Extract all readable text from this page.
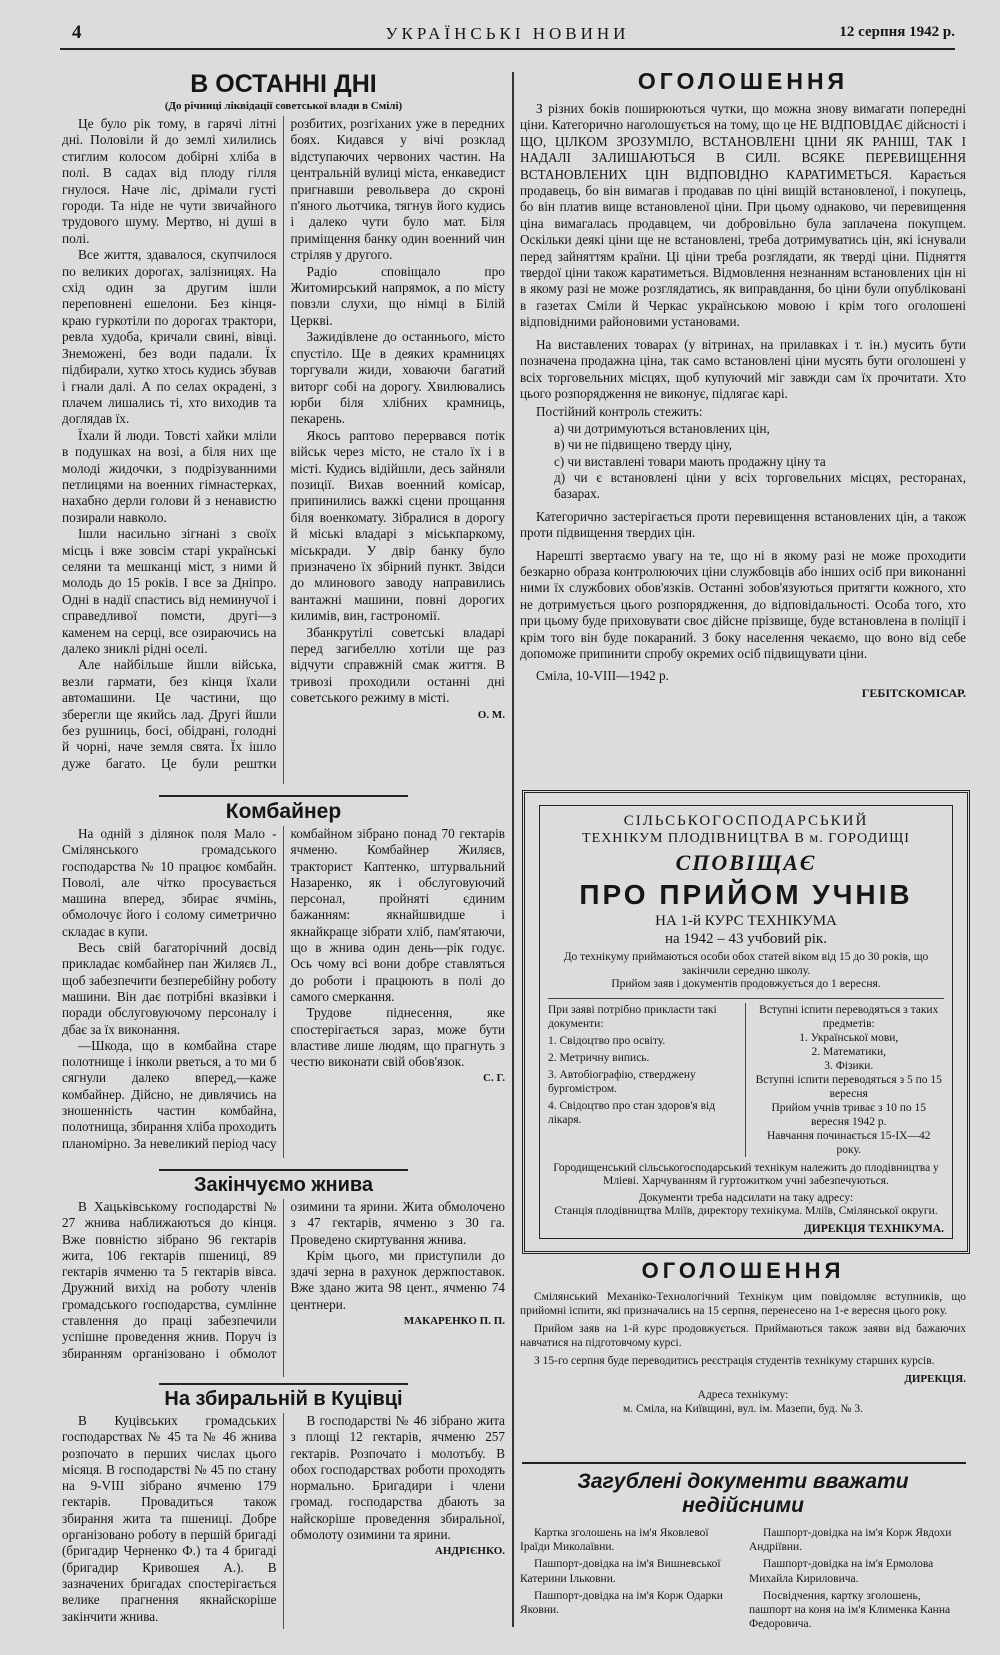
4	УКРАЇНСЬКІ НОВИНИ	12 серпня 1942 р.
В ОСТАННІ ДНІ
(До річниці ліквідації советської влади в Смілі)

Це було рік тому, в гарячі літні дні. Половіли й до землі хилились стиглим колосом добірні хліба в полі. В садах від плоду гілля гнулося. Наче ліс, дрімали густі городи. Та ніде не чути звичайного трудового шуму. Мертво, ні душі в полі.

Все життя, здавалося, скупчилося по великих дорогах, залізницях. На схід один за другим ішли переповнені ешелони. Без кінця-краю гуркотіли по дорогах трактори, ревла худоба, кричали свині, вівці. Знеможені, без води падали. Їх підбирали, хутко хтось кудись збував і гнали далі. А по селах окрадені, з плачем лишались ті, хто виходив та доглядав їх.

Їхали й люди. Товсті хайки мліли в подушках на возі, а біля них ще молоді жидочки, з подрізуванними петлицями на военних гімнастерках, нахабно дерли голови й з ненавистю позирали навколо.

Ішли насильно зігнані з своїх місць і вже зовсім старі українські селяни та мешканці міст, з ними й молодь до 15 років. І все за Дніпро. Одні в надії спастись від неминучої і справедливої помсти, другі—з каменем на серці, все озираючись на далеко зниклі рідні оселі.

Але найбільше йшли військa, везли гармати, без кінця їхали автомашини. Це частини, що зберегли ще якийсь лад. Другі йшли без рушниць, босі, обідрані, голодні й чорні, наче земля свята. Їх ішло дуже багато. Це були рештки розбитих, розгіханих уже в передних боях. Кидався у вічі розклад відступаючих червоних частин. На центральній вулиці міста, енкаведист пригнавши револьвера до скроні п'яного льотчика, тягнув його кудись і далеко чути було мат. Біля приміщення банку один военний чин стріляв у другого.

Радіо сповіщало про Житомирський напрямок, а по місту повзли слухи, що німці в Білій Церкві.

Зажидівлене до останнього, місто спустіло. Ще в деяких крамницях торгували жиди, ховаючи багатий виторг собі на дорогу. Хвилювались юрби біля хлібних крамниць, пекарень.

Якось раптово перервався потік військ через місто, не стало їх і в місті. Кудись відійшли, десь зайняли позиції. Вихав военний комісар, припинились важкі сцени прощання біля военкомату. Зібралися в дорогу й міські владарі з міськпаркому, міськради. У двір банку було призначено їх збірний пункт. Звідси до млинового заводу направились вантажні машини, повні дорогих килимів, вин, гастрономії.

Збанкрутілі советські владарі перед загибеллю хотіли ще раз відчути справжній смак життя. В тривозі проходили останні дні советського режиму в місті.

О. М.
Комбайнер

На одній з ділянок поля Мало - Смілянського громадського господарства № 10 працює комбайн. Поволі, але чітко просувається машина вперед, збирає ячмінь, обмолочує його і солому симетрично складає в купи.

Весь свій багаторічний досвід прикладає комбайнер пан Жиляєв Л., щоб забезпечити безперебійну роботу машини. Він дає потрібні вказівки і поради обслуговуючому персоналу і дбає за їх виконання.

—Шкода, що в комбайна старе полотнище і інколи рветься, а то ми б сягнули далеко вперед,—каже комбайнер. Дійсно, не дивлячись на зношенність частин комбайна, полотнища, збирання хліба проходить планомірно. За невеликий період часу комбайном зібрано понад 70 гектарів ячменю. Комбайнер Жиляєв, тракторист Каптенко, штурвальний Назаренко, як і обслуговуючий персонал, пройняті єдиним бажанням: якнайшвидше і якнайкраще зібрати хліб, пам'ятаючи, що в жнива один день—рік годує. Ось чому всі вони добре ставляться до роботи і працюють в полі до самого смеркання.

Трудове піднесення, яке спостерігається зараз, може бути властиве лише людям, що прагнуть з честю виконати свій обов'язок.

С. Г.
Закінчуємо жнива

В Хацьківському господарстві № 27 жнива наближаються до кінця. Вже повністю зібрано 96 гектарів жита, 106 гектарів пшениці, 89 гектарів ячменю та 5 гектарів вівса. Дружний вихід на роботу членів громадського господарства, сумлінне ставлення до праці забезпечили успішне проведення жнив. Поруч із збиранням організовано і обмолот озимини та ярини. Жита обмолочено з 47 гектарів, ячменю з 30 га. Проведено скиртування жнива.

Крім цього, ми приступили до здачі зерна в рахунок держпоставок. Вже здано жита 98 цент., ячменю 74 центнери.

МАКАРЕНКО П. П.
На збиральній в Куцівці

В Куцівських громадських господарствах № 45 та № 46 жнива розпочато в перших числах цього місяця. В господарстві № 45 по стану на 9-VIII зібрано ячменю 179 гектарів. Провадиться також збирання жита та пшениці. Добре організовано роботу в першій бригаді (бригадир Черненко Ф.) та 4 бригаді (бригадир Кривошея А.). В зазначених бригадах спостерігається велике прагнення якнайскоріше закінчити жнива.

В господарстві № 46 зібрано жита з площі 12 гектарів, ячменю 257 гектарів. Розпочато і молотьбу. В обох господарствах роботи проходять нормально. Бригадири і члени громад. господарства дбають за найскоріше проведення збиральної, обмолоту озимини та ярини.

АНДРІЄНКО.
ОГОЛОШЕННЯ

З різних боків поширюються чутки, що можна знову вимагати попередні ціни. Категорично наголошується на тому, що це НЕ ВІДПОВІДАЄ дійсності і ЩО, ЦІЛКОМ ЗРОЗУМІЛО, ВСТАНОВЛЕНІ ЦІНИ ЯК РАНІШ, ТАК І НАДАЛІ ЗАЛИШАЮТЬСЯ В СИЛІ. ВСЯКЕ ПЕРЕВИЩЕННЯ ВСТАНОВЛЕНИХ ЦІН ВІДПОВІДНО КАРАТИМЕТЬСЯ. Карається продавець, бо він вимагав і продавав по ціні вищій встановленої, і покупець, бо він платив вище встановленої ціни. При цьому однаково, чи перевищення ціна вимагалась продавцем, чи добровільно була заплачена покупцем. Оскільки деякі ціни ще не встановлені, треба дотримуватись цін, які існували перед зайняттям краïни. Ці ціни треба розглядати, як тверді ціни. Підняття твердої ціни також каратиметься. Відмовлення незнанням встановлених цін ні в якому разі не може розглядатись, як виправдання, бо ціни були опубліковані в газетах Сміли й Черкас українською мовою і крім того оголошені відповідними районовими установами.

На виставлених товарах (у вітринах, на прилавках і т. ін.) мусить бути позначена продажна ціна, так само встановлені ціни мусять бути оголошені у всіх торговельних місцях, щоб купуючий міг завжди сам їх прочитати. Хто цього розпорядження не виконує, підлягає карі.

Постійний контроль стежить:

а) чи дотримуються встановлених цін,
в) чи не підвищено тверду ціну,
с) чи виставлені товари мають продажну ціну та
д) чи є встановлені ціни у всіх торговельних місцях, ресторанах, базарах.

Категорично застерігається проти перевищення встановлених цін, а також проти підвищення твердих цін.

Нарешті звертаємо увагу на те, що ні в якому разі не може проходити безкарно образа контролюючих ціни службовців або інших осіб при виконанні ними їх службових обов'язків. Останні зобов'язуються притягти кожного, хто не дотримується цього розпорядження, до відповідальності. Особа того, хто при цьому буде приховувати своє дійсне прізвище, буде встановлена в поліції і крім того він буде покараний. З боку населення чекаємо, що воно від себе допоможе припинити спробу окремих осіб підвищувати ціни.

Сміла, 10-VIII—1942 р.

ГЕБІТСКОМІСАР.
СІЛЬСЬКОГОСПОДАРСЬКИЙ
ТЕХНІКУМ ПЛОДІВНИЦТВА В м. ГОРОДИЩІ
СПОВІЩАЄ
ПРО ПРИЙОМ УЧНІВ
НА 1-й КУРС ТЕХНІКУМА
на 1942 – 43 учбовий рік.
До технікуму приймаються особи обох статей віком від 15 до 30 років, що закінчили середню школу.
Прийом заяв і документів продовжується до 1 вересня.

При заяві потрібно прикласти такі документи:

1. Свідоцтво про освіту.

2. Метричну випись.

3. Автобіографію, стверджену бургомістром.

4. Свідоцтво про стан здоров'я від лікаря.

Вступні іспити переводяться з таких предметів:
1. Української мови,
2. Математики,
3. Фізики.
Вступні іспити переводяться з 5 по 15 вересня
Прийом учнів триває з 10 по 15 вересня 1942 р.
Навчання починається 15-IX—42 року.
Городищенський сільськогосподарський технікум належить до плодівництва у Мліеві. Харчуванням й гуртожитком учні забезпечуються.
Документи треба надсилати на таку адресу:
Станція плодівництва Мліїв, директору технікума. Мліїв, Смілянської округи.
ДИРЕКЦІЯ ТЕХНІКУМА.
ОГОЛОШЕННЯ

Смілянський Механіко-Технологічний Технікум цим повідомляє вступників, що прийомні іспити, які призначались на 15 серпня, перенесено на 1-е вересня цього року.

Прийом заяв на 1-й курс продовжується. Приймаються також заяви від бажаючих навчатися на підготовчому курсі.

З 15-го серпня буде переводитись реєстрація студентів технікуму старших курсів.

ДИРЕКЦІЯ.
Адреса технікуму:
м. Сміла, на Київщині, вул. ім. Мазепи, буд. № 3.
Загублені документи вважати недійсними

Картка зголошень на ім'я Яковлевої Іраїди Миколаївни.

Пашпорт-довідка на ім'я Вишневської Катерини Ільковни.

Пашпорт-довідка на ім'я Корж Одарки Яковни.

Пашпорт-довідка на ім'я Корж Явдохи Андріївни.

Пашпорт-довідка на ім'я Ермолова Михайла Кириловича.

Посвідчення, картку зголошень, пашпорт на коня на ім'я Клименка Канна Федоровича.
